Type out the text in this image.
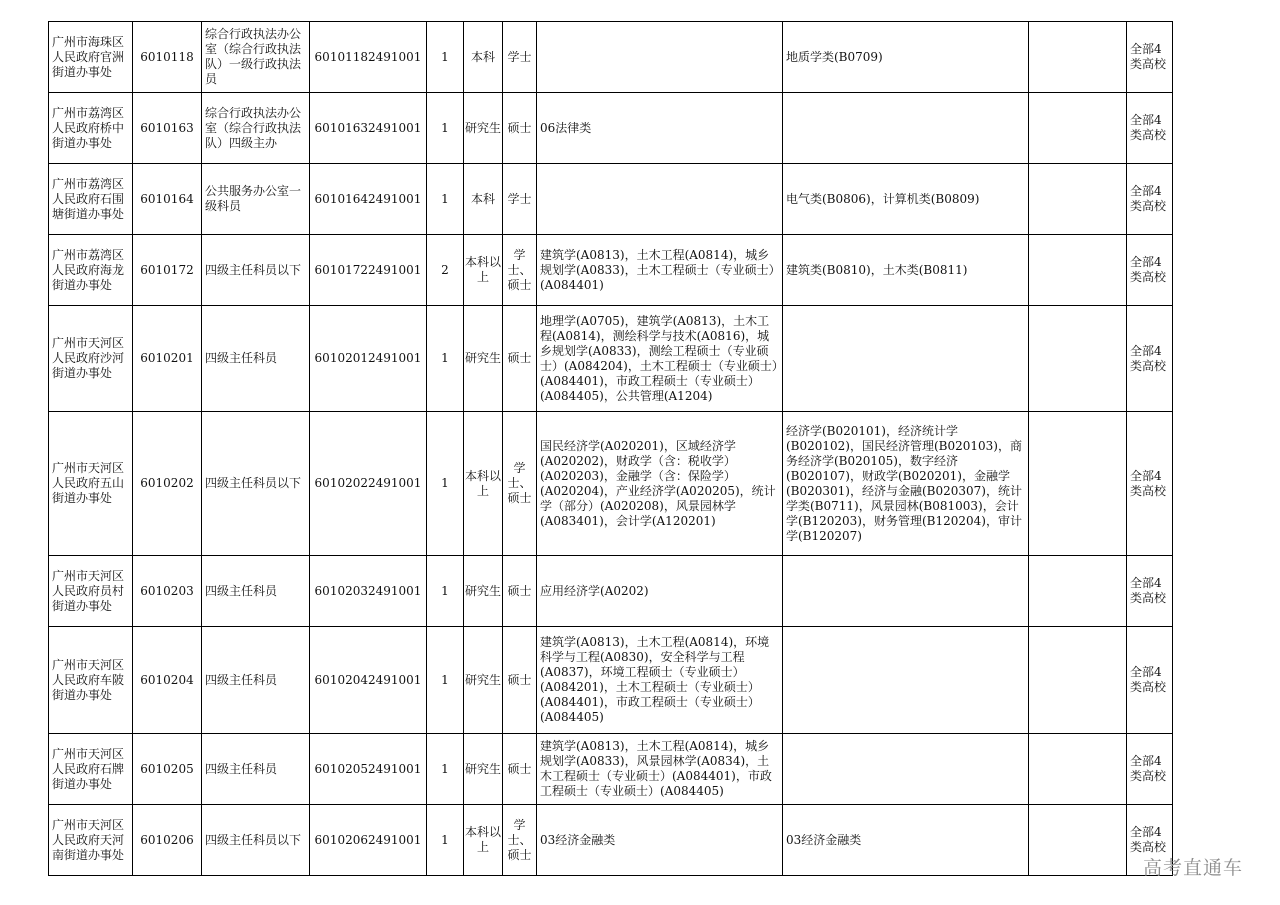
广州市海珠区人民政府官洲街道办事处	6010118	综合行政执法办公室（综合行政执法队）一级行政执法员	60101182491001	1	本科	学士		地质学类(B0709)		全部4类高校
广州市荔湾区人民政府桥中街道办事处	6010163	综合行政执法办公室（综合行政执法队）四级主办	60101632491001	1	研究生	硕士	06法律类			全部4类高校
广州市荔湾区人民政府石围塘街道办事处	6010164	公共服务办公室一级科员	60101642491001	1	本科	学士		电气类(B0806)，计算机类(B0809)		全部4类高校
广州市荔湾区人民政府海龙街道办事处	6010172	四级主任科员以下	60101722491001	2	本科以上	学士、硕士	建筑学(A0813)，土木工程(A0814)，城乡规划学(A0833)，土木工程硕士（专业硕士）(A084401)	建筑类(B0810)，土木类(B0811)		全部4类高校
广州市天河区人民政府沙河街道办事处	6010201	四级主任科员	60102012491001	1	研究生	硕士	地理学(A0705)，建筑学(A0813)，土木工程(A0814)，测绘科学与技术(A0816)，城乡规划学(A0833)，测绘工程硕士（专业硕士）(A084204)，土木工程硕士（专业硕士）(A084401)，市政工程硕士（专业硕士）(A084405)，公共管理(A1204)			全部4类高校
广州市天河区人民政府五山街道办事处	6010202	四级主任科员以下	60102022491001	1	本科以上	学士、硕士	国民经济学(A020201)，区域经济学(A020202)，财政学（含：税收学）(A020203)，金融学（含：保险学）(A020204)，产业经济学(A020205)，统计学（部分）(A020208)，风景园林学(A083401)，会计学(A120201)	经济学(B020101)，经济统计学(B020102)，国民经济管理(B020103)，商务经济学(B020105)，数字经济(B020107)，财政学(B020201)，金融学(B020301)，经济与金融(B020307)，统计学类(B0711)，风景园林(B081003)，会计学(B120203)，财务管理(B120204)，审计学(B120207)		全部4类高校
广州市天河区人民政府员村街道办事处	6010203	四级主任科员	60102032491001	1	研究生	硕士	应用经济学(A0202)			全部4类高校
广州市天河区人民政府车陂街道办事处	6010204	四级主任科员	60102042491001	1	研究生	硕士	建筑学(A0813)，土木工程(A0814)，环境科学与工程(A0830)，安全科学与工程(A0837)，环境工程硕士（专业硕士）(A084201)，土木工程硕士（专业硕士）(A084401)，市政工程硕士（专业硕士）(A084405)			全部4类高校
广州市天河区人民政府石牌街道办事处	6010205	四级主任科员	60102052491001	1	研究生	硕士	建筑学(A0813)，土木工程(A0814)，城乡规划学(A0833)，风景园林学(A0834)，土木工程硕士（专业硕士）(A084401)，市政工程硕士（专业硕士）(A084405)			全部4类高校
广州市天河区人民政府天河南街道办事处	6010206	四级主任科员以下	60102062491001	1	本科以上	学士、硕士	03经济金融类	03经济金融类		全部4类高校
高考直通车
